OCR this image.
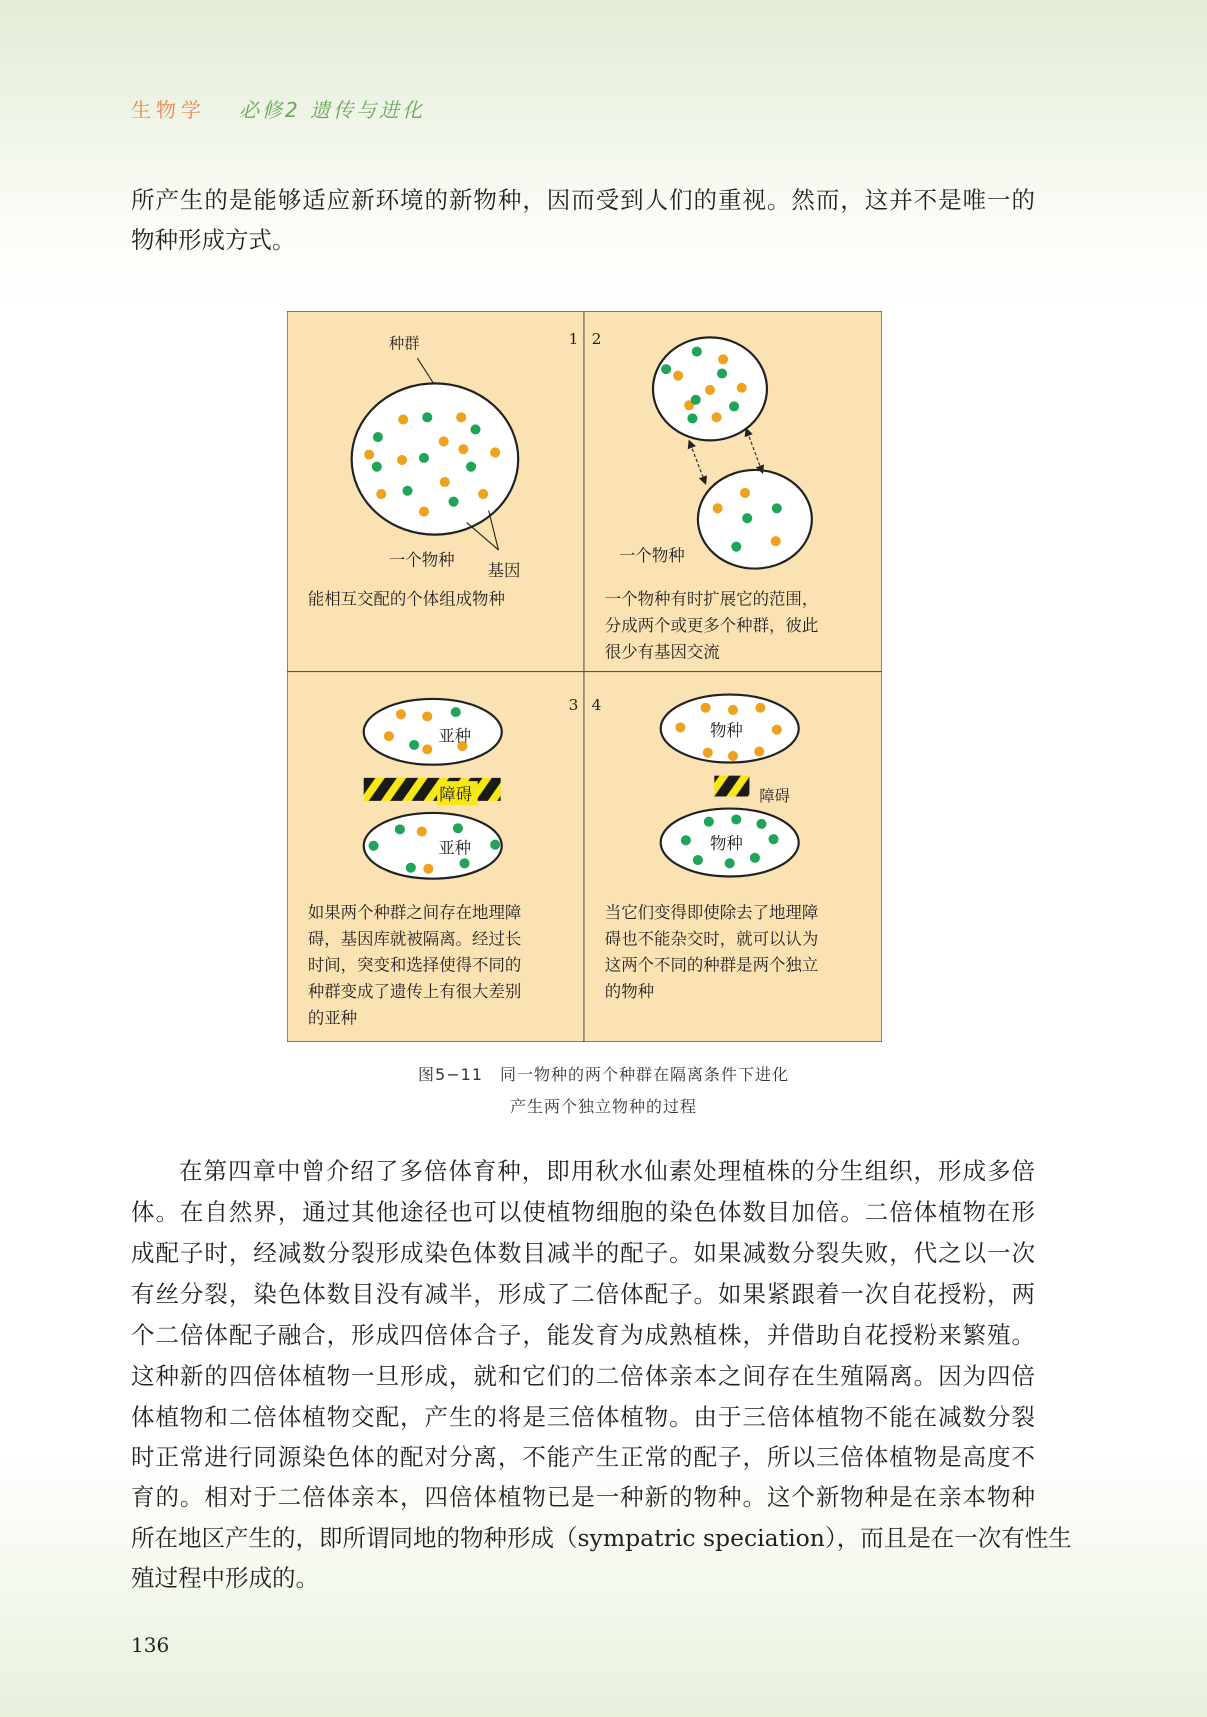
生物学 必修2 遗传与进化
所产生的是能够适应新环境的新物种，因而受到人们的重视。然而，这并不是唯一的
物种形成方式。
1
种群
一个物种
基因
能相互交配的个体组成物种
2
一个物种
一个物种有时扩展它的范围，
分成两个或更多个种群，彼此
很少有基因交流
3
亚种
障碍
亚种
如果两个种群之间存在地理障
碍，基因库就被隔离。经过长
时间，突变和选择使得不同的
种群变成了遗传上有很大差别
的亚种
4
物种
障碍
物种
当它们变得即使除去了地理障
碍也不能杂交时，就可以认为
这两个不同的种群是两个独立
的物种
图5−11　同一物种的两个种群在隔离条件下进化
产生两个独立物种的过程
在第四章中曾介绍了多倍体育种，即用秋水仙素处理植株的分生组织，形成多倍
体。在自然界，通过其他途径也可以使植物细胞的染色体数目加倍。二倍体植物在形
成配子时，经减数分裂形成染色体数目减半的配子。如果减数分裂失败，代之以一次
有丝分裂，染色体数目没有减半，形成了二倍体配子。如果紧跟着一次自花授粉，两
个二倍体配子融合，形成四倍体合子，能发育为成熟植株，并借助自花授粉来繁殖。
这种新的四倍体植物一旦形成，就和它们的二倍体亲本之间存在生殖隔离。因为四倍
体植物和二倍体植物交配，产生的将是三倍体植物。由于三倍体植物不能在减数分裂
时正常进行同源染色体的配对分离，不能产生正常的配子，所以三倍体植物是高度不
育的。相对于二倍体亲本，四倍体植物已是一种新的物种。这个新物种是在亲本物种
所在地区产生的，即所谓同地的物种形成（sympatric speciation），而且是在一次有性生
殖过程中形成的。
136
